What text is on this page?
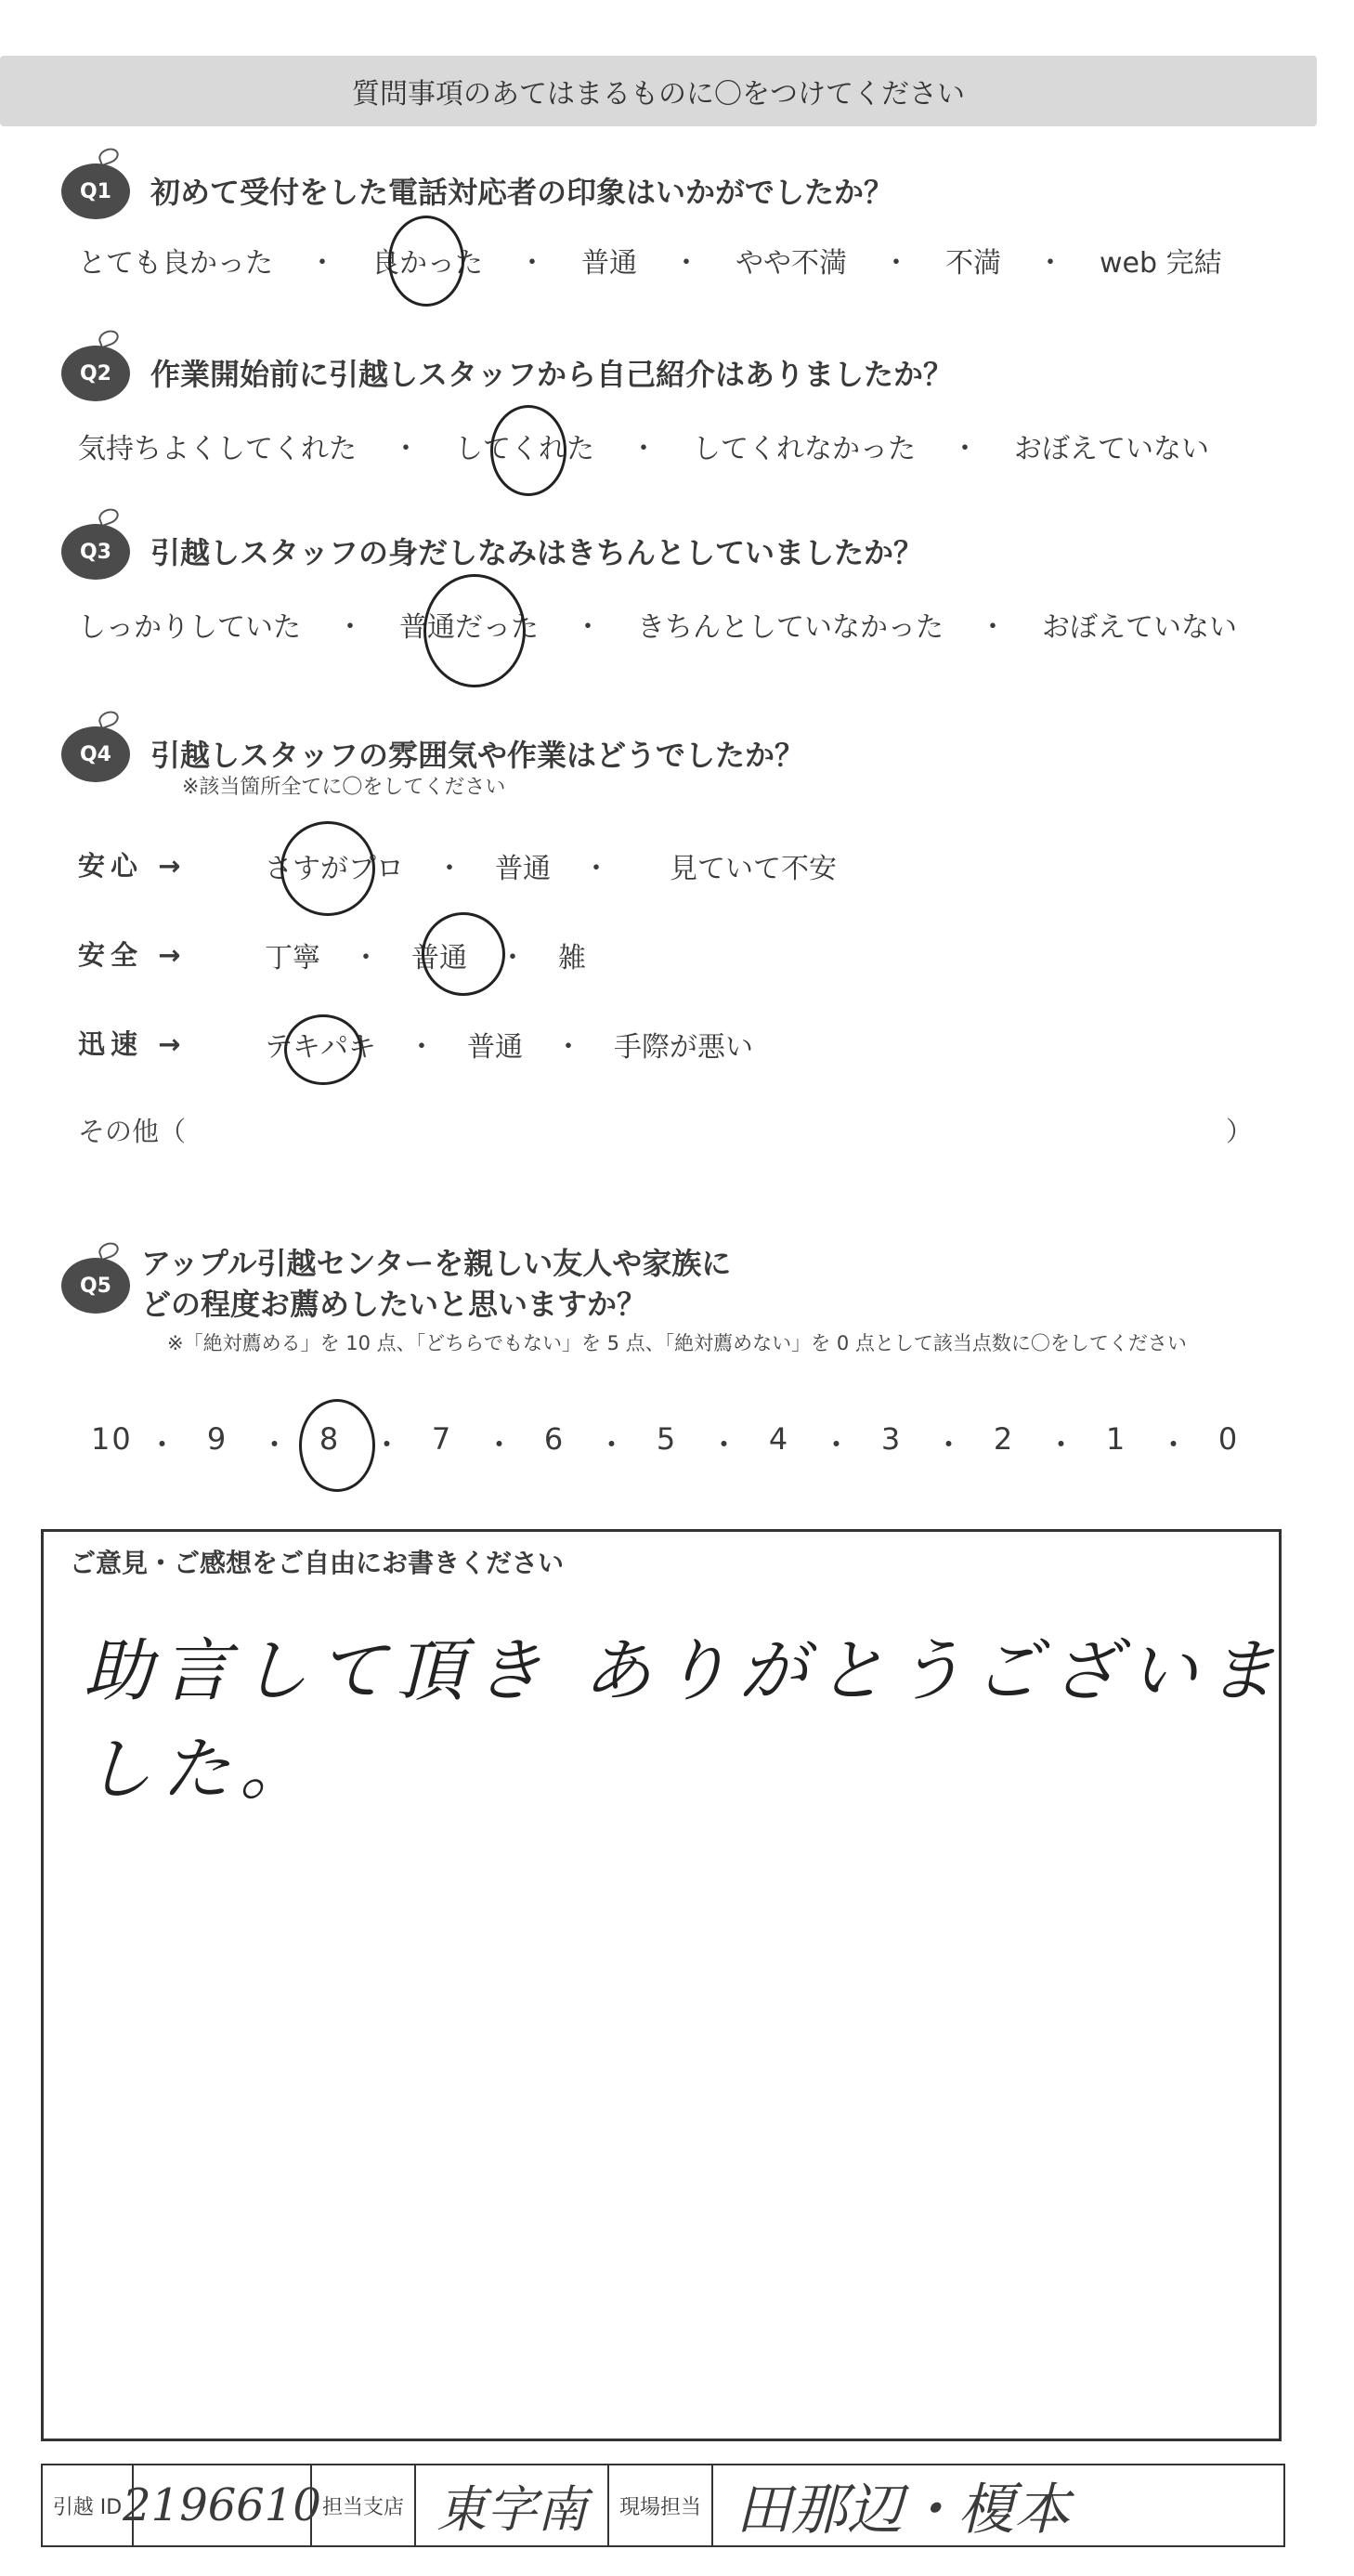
質問事項のあてはまるものに〇をつけてください
Q1	初めて受付をした電話対応者の印象はいかがでしたか？
とても良かった ・ 良かった ・ 普通 ・ やや不満 ・ 不満 ・ web 完結
Q2	作業開始前に引越しスタッフから自己紹介はありましたか？
気持ちよくしてくれた ・ してくれた ・ してくれなかった ・ おぼえていない
Q3	引越しスタッフの身だしなみはきちんとしていましたか？
しっかりしていた ・ 普通だった ・ きちんとしていなかった ・ おぼえていない
Q4	引越しスタッフの雰囲気や作業はどうでしたか？
※該当箇所全てに〇をしてください
安心 →	さすがプロ ・ 普通 ・ 見ていて不安
安全 →	丁寧 ・ 普通 ・ 雑
迅速 →	テキパキ ・ 普通 ・ 手際が悪い
その他（	）
Q5
アップル引越センターを親しい友人や家族に
どの程度お薦めしたいと思いますか？
※「絶対薦める」を 10 点、「どちらでもない」を 5 点、「絶対薦めない」を 0 点として該当点数に〇をしてください
10 ・ 9 ・ 8 ・ 7 ・ 6 ・ 5 ・ 4 ・ 3 ・ 2 ・ 1 ・ 0
ご意見・ご感想をご自由にお書きください
助言して頂き ありがとうございました。
引越 ID 2196610 担当支店 東字南	現場担当 田那辺・榎本
